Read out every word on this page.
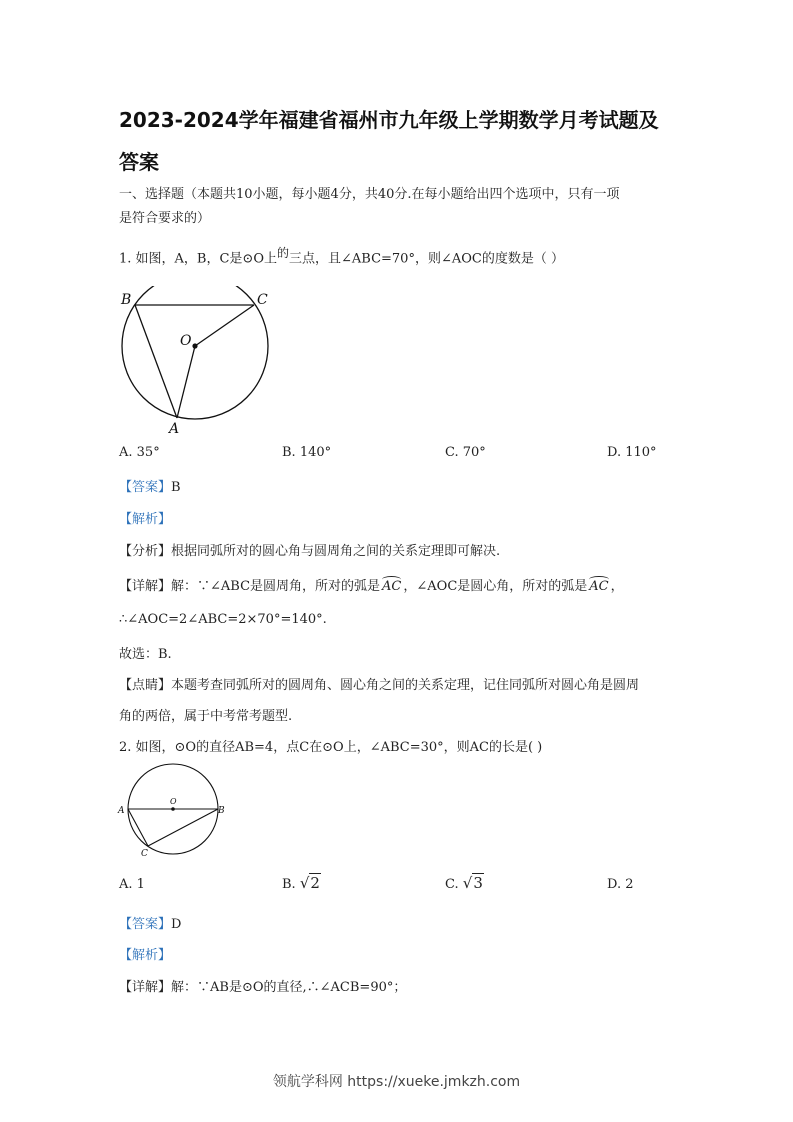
2023-2024学年福建省福州市九年级上学期数学月考试题及
答案
一、选择题（本题共10小题，每小题4分，共40分.在每小题给出四个选项中，只有一项
是符合要求的）
1. 如图，A，B，C是⊙O上$^的$三点，且∠ABC=70°，则∠AOC的度数是（ ）
B	C
O
A
A. 35°	B. 140°	C. 70°	D. 110°
【答案】B
【解析】
【分析】根据同弧所对的圆心角与圆周角之间的关系定理即可解决.
【详解】解：∵∠ABC是圆周角，所对的弧是 AC ，∠AOC是圆心角，所对的弧是 AC ，
∴∠AOC=2∠ABC=2×70°=140°.
故选：B.
【点睛】本题考查同弧所对的圆周角、圆心角之间的关系定理，记住同弧所对圆心角是圆周
角的两倍，属于中考常考题型.
2. 如图，⊙O的直径AB=4，点C在⊙O上，∠ABC=30°，则AC的长是( )
A
O
B
C
A. 1	B. √2	C. √3	D. 2
【答案】D
【解析】
【详解】解：∵AB是⊙O的直径,∴∠ACB=90°；
领航学科网 https://xueke.jmkzh.com
